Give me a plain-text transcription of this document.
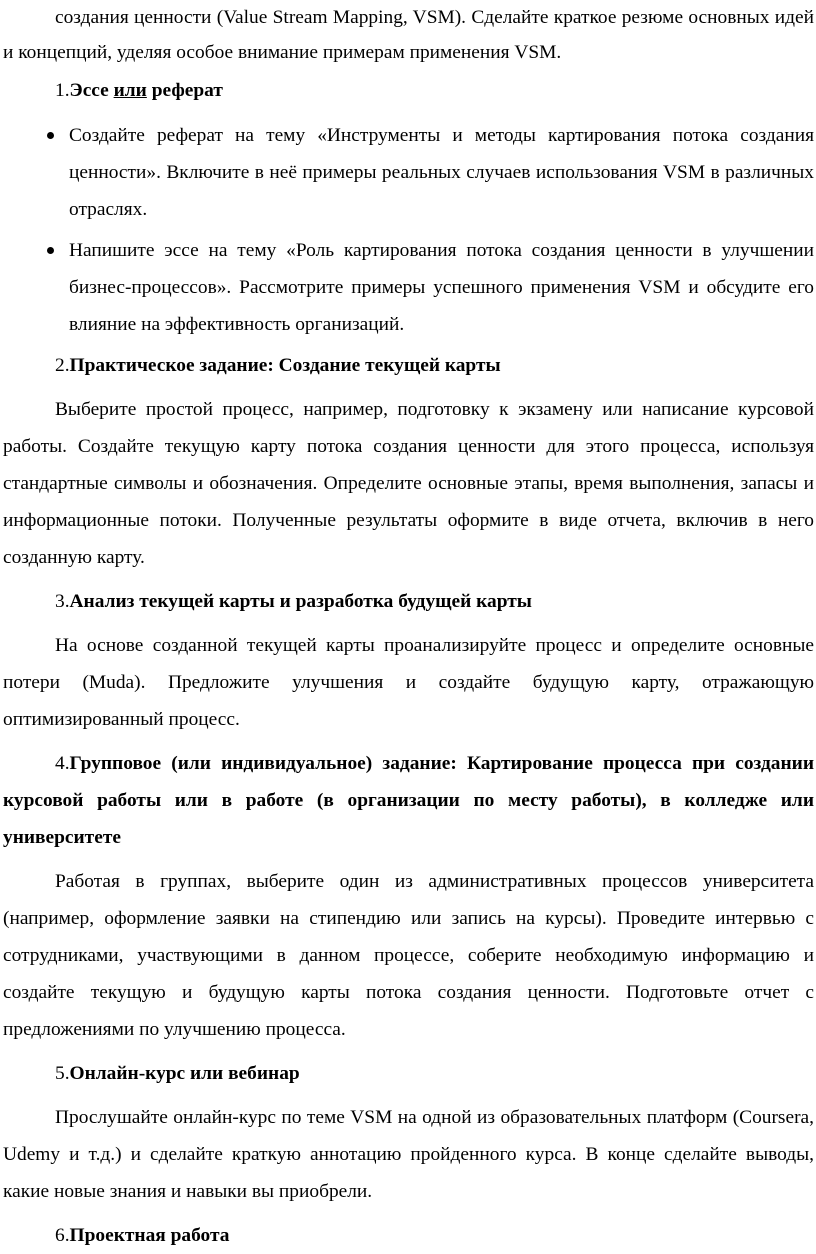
создания ценности (Value Stream Mapping, VSM). Сделайте краткое резюме основных идей и концепций, уделяя особое внимание примерам применения VSM.

1.Эссе или реферат

Создайте реферат на тему «Инструменты и методы картирования потока создания ценности». Включите в неё примеры реальных случаев использования VSM в различных отраслях.
Напишите эссе на тему «Роль картирования потока создания ценности в улучшении бизнес-процессов». Рассмотрите примеры успешного применения VSM и обсудите его влияние на эффективность организаций.

2.Практическое задание: Создание текущей карты

Выберите простой процесс, например, подготовку к экзамену или написание курсовой работы. Создайте текущую карту потока создания ценности для этого процесса, используя стандартные символы и обозначения. Определите основные этапы, время выполнения, запасы и информационные потоки. Полученные результаты оформите в виде отчета, включив в него созданную карту.

3.Анализ текущей карты и разработка будущей карты

На основе созданной текущей карты проанализируйте процесс и определите основные потери (Muda). Предложите улучшения и создайте будущую карту, отражающую оптимизированный процесс.

4.Групповое (или индивидуальное) задание: Картирование процесса при создании курсовой работы или в работе (в организации по месту работы), в колледже или университете

Работая в группах, выберите один из административных процессов университета (например, оформление заявки на стипендию или запись на курсы). Проведите интервью с сотрудниками, участвующими в данном процессе, соберите необходимую информацию и создайте текущую и будущую карты потока создания ценности. Подготовьте отчет с предложениями по улучшению процесса.

5.Онлайн-курс или вебинар

Прослушайте онлайн-курс по теме VSM на одной из образовательных платформ (Coursera, Udemy и т.д.) и сделайте краткую аннотацию пройденного курса. В конце сделайте выводы, какие новые знания и навыки вы приобрели.

6.Проектная работа
